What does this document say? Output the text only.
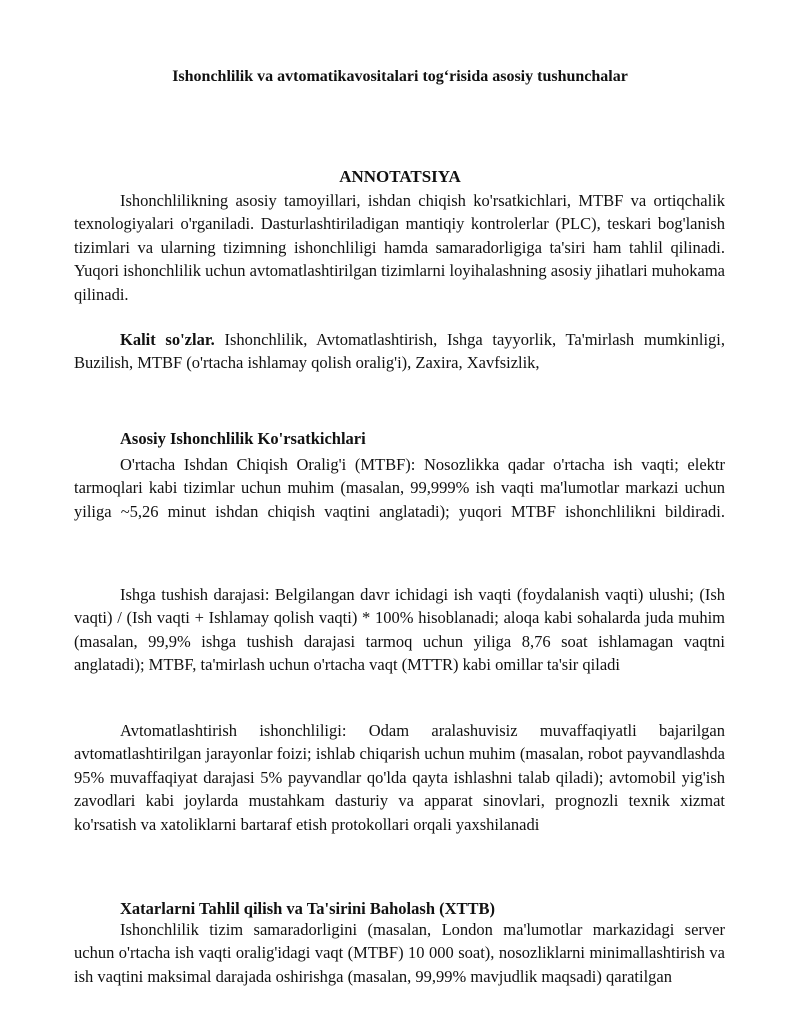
Ishonchlilik va avtomatikavositalari tog‘risida asosiy tushunchalar
ANNOTATSIYA

Ishonchlilikning asosiy tamoyillari, ishdan chiqish ko'rsatkichlari, MTBF va ortiqchalik texnologiyalari o'rganiladi. Dasturlashtiriladigan mantiqiy kontrolerlar (PLC), teskari bog'lanish tizimlari va ularning tizimning ishonchliligi hamda samaradorligiga ta'siri ham tahlil qilinadi. Yuqori ishonchlilik uchun avtomatlashtirilgan tizimlarni loyihalashning asosiy jihatlari muhokama qilinadi.

Kalit so'zlar. Ishonchlilik, Avtomatlashtirish, Ishga tayyorlik, Ta'mirlash mumkinligi, Buzilish, MTBF (o'rtacha ishlamay qolish oralig'i), Zaxira, Xavfsizlik,

Asosiy Ishonchlilik Ko'rsatkichlari

O'rtacha Ishdan Chiqish Oralig'i (MTBF): Nosozlikka qadar o'rtacha ish vaqti; elektr tarmoqlari kabi tizimlar uchun muhim (masalan, 99,999% ish vaqti ma'lumotlar markazi uchun yiliga ~5,26 minut ishdan chiqish vaqtini anglatadi); yuqori MTBF ishonchlilikni bildiradi.

Ishga tushish darajasi: Belgilangan davr ichidagi ish vaqti (foydalanish vaqti) ulushi; (Ish vaqti) / (Ish vaqti + Ishlamay qolish vaqti) * 100% hisoblanadi; aloqa kabi sohalarda juda muhim (masalan, 99,9% ishga tushish darajasi tarmoq uchun yiliga 8,76 soat ishlamagan vaqtni anglatadi); MTBF, ta'mirlash uchun o'rtacha vaqt (MTTR) kabi omillar ta'sir qiladi

Avtomatlashtirish ishonchliligi: Odam aralashuvisiz muvaffaqiyatli bajarilgan avtomatlashtirilgan jarayonlar foizi; ishlab chiqarish uchun muhim (masalan, robot payvandlashda 95% muvaffaqiyat darajasi 5% payvandlar qo'lda qayta ishlashni talab qiladi); avtomobil yig'ish zavodlari kabi joylarda mustahkam dasturiy va apparat sinovlari, prognozli texnik xizmat ko'rsatish va xatoliklarni bartaraf etish protokollari orqali yaxshilanadi

Xatarlarni Tahlil qilish va Ta'sirini Baholash (XTTB)

Ishonchlilik tizim samaradorligini (masalan, London ma'lumotlar markazidagi server uchun o'rtacha ish vaqti oralig'idagi vaqt (MTBF) 10 000 soat), nosozliklarni minimallashtirish va ish vaqtini maksimal darajada oshirishga (masalan, 99,99% mavjudlik maqsadi) qaratilgan
